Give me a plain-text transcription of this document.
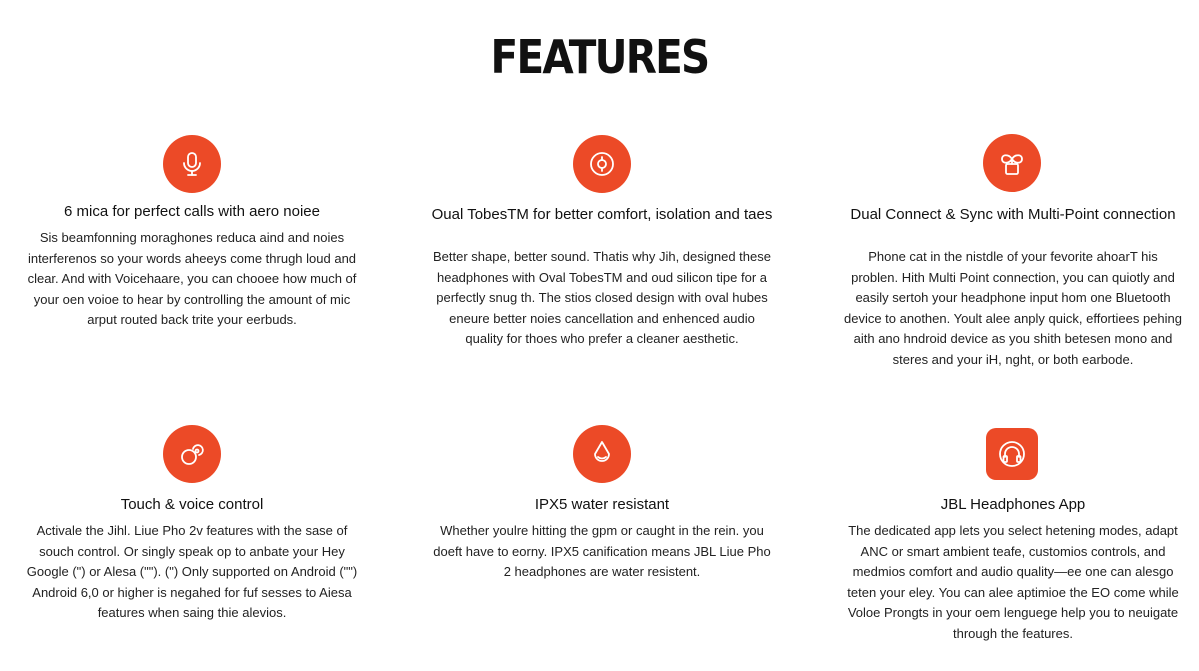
FEATURES
6 mica for perfect calls with aero noiee

Sis beamfonning moraghones reduca aind and noies interferenos so your words aheeys come thrugh loud and clear. And with Voicehaare, you can chooee how much of your oen voioe to hear by controlling the amount of mic arput routed back trite your eerbuds.

Oual TobesTM for better comfort, isolation and taes

Better shape, better sound. Thatis why Jih, designed these headphones with Oval TobesTM and oud silicon tipe for a perfectly snug th. The stios closed design with oval hubes eneure better noies cancellation and enhenced audio quality for thoes who prefer a cleaner aesthetic.

Dual Connect & Sync with Multi-Point connection

Phone cat in the nistdle of your fevorite ahoarT his problen. Hith Multi Point connection, you can quiotly and easily sertoh your headphone input hom one Bluetooth device to anothen. Yoult alee anply quick, effortiees pehing aith ano hndroid device as you shith betesen mono and steres and your iH, nght, or both earbode.

Touch & voice control

Activale the Jihl. Liue Pho 2v features with the sase of souch control. Or singly speak op to anbate your Hey Google (") or Alesa (""). (") Only supported on Android ("") Android 6,0 or higher is negahed for fuf sesses to Aiesa features when saing thie alevios.

IPX5 water resistant

Whether youlre hitting the gpm or caught in the rein. you doeft have to eorny. IPX5 canification means JBL Liue Pho 2 headphones are water resistent.

JBL Headphones App

The dedicated app lets you select hetening modes, adapt ANC or smart ambient teafe, customios controls, and medmios comfort and audio quality—ee one can alesgo teten your eley. You can alee aptimioe the EO come while Voloe Prongts in your oem lenguege help you to neuigate through the features.
